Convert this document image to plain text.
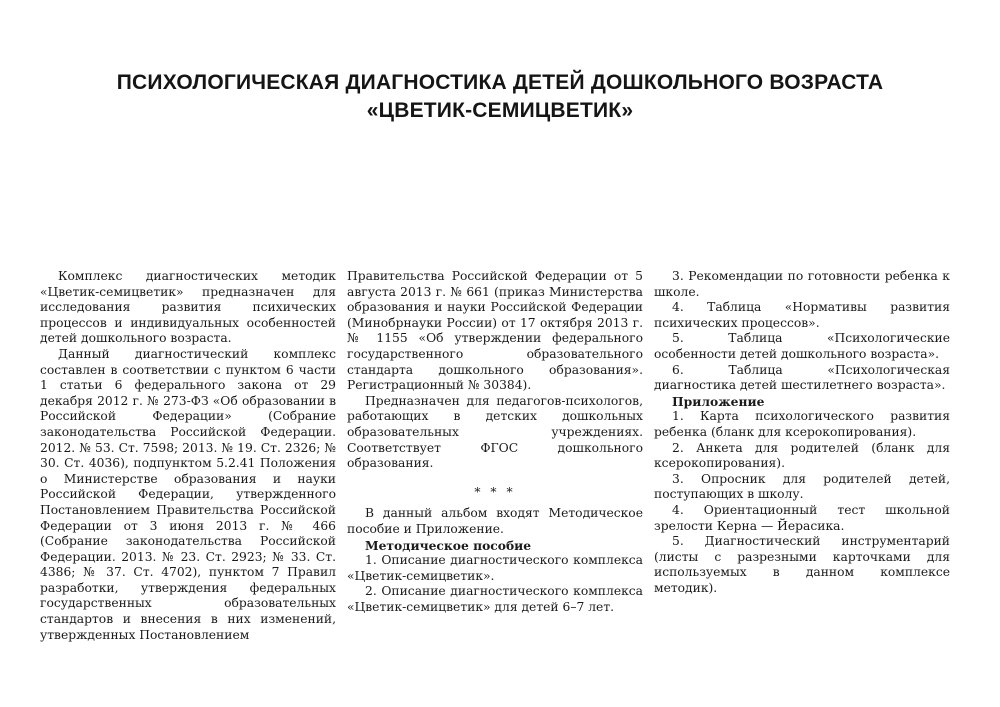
ПСИХОЛОГИЧЕСКАЯ ДИАГНОСТИКА ДЕТЕЙ ДОШКОЛЬНОГО ВОЗРАСТА
«ЦВЕТИК-СЕМИЦВЕТИК»

Комплекс диагностических методик «Цветик-семицветик» предназначен для исследования развития психических процессов и индивидуальных особенностей детей дошкольного возраста.

Данный диагностический комплекс составлен в соответствии с пунктом 6 части 1 статьи 6 федерального закона от 29 декабря 2012 г. № 273-ФЗ «Об образовании в Российской Федерации» (Собрание законодательства Российской Федерации. 2012. № 53. Ст. 7598; 2013. № 19. Ст. 2326; № 30. Ст. 4036), подпунктом 5.2.41 Положения о Министерстве образования и науки Российской Федерации, утвержденного Постановлением Правительства Российской Федерации от 3 июня 2013 г. № 466 (Собрание законодательства Российской Федерации. 2013. № 23. Ст. 2923; № 33. Ст. 4386; № 37. Ст. 4702), пунктом 7 Правил разработки, утверждения федеральных государственных образовательных стандартов и внесения в них изменений, утвержденных Постановлением

Правительства Российской Федерации от 5 августа 2013 г. № 661 (приказ Министерства образования и науки Российской Федерации (Минобрнауки России) от 17 октября 2013 г. № 1155 «Об утверждении федерального государственного образовательного стандарта дошкольного образования». Регистрационный № 30384).

Предназначен для педагогов-психологов, работающих в детских дошкольных образовательных учреждениях. Соответствует ФГОС дошкольного образования.

* * *

В данный альбом входят Методическое пособие и Приложение.

Методическое пособие

1. Описание диагностического комплекса «Цветик-семицветик».

2. Описание диагностического комплекса «Цветик-семицветик» для детей 6–7 лет.

3. Рекомендации по готовности ребенка к школе.

4. Таблица «Нормативы развития психических процессов».

5. Таблица «Психологические особенности детей дошкольного возраста».

6. Таблица «Психологическая диагностика детей шестилетнего возраста».

Приложение

1. Карта психологического развития ребенка (бланк для ксерокопирования).

2. Анкета для родителей (бланк для ксерокопирования).

3. Опросник для родителей детей, поступающих в школу.

4. Ориентационный тест школьной зрелости Керна — Йерасика.

5. Диагностический инструментарий (листы с разрезными карточками для используемых в данном комплексе методик).
